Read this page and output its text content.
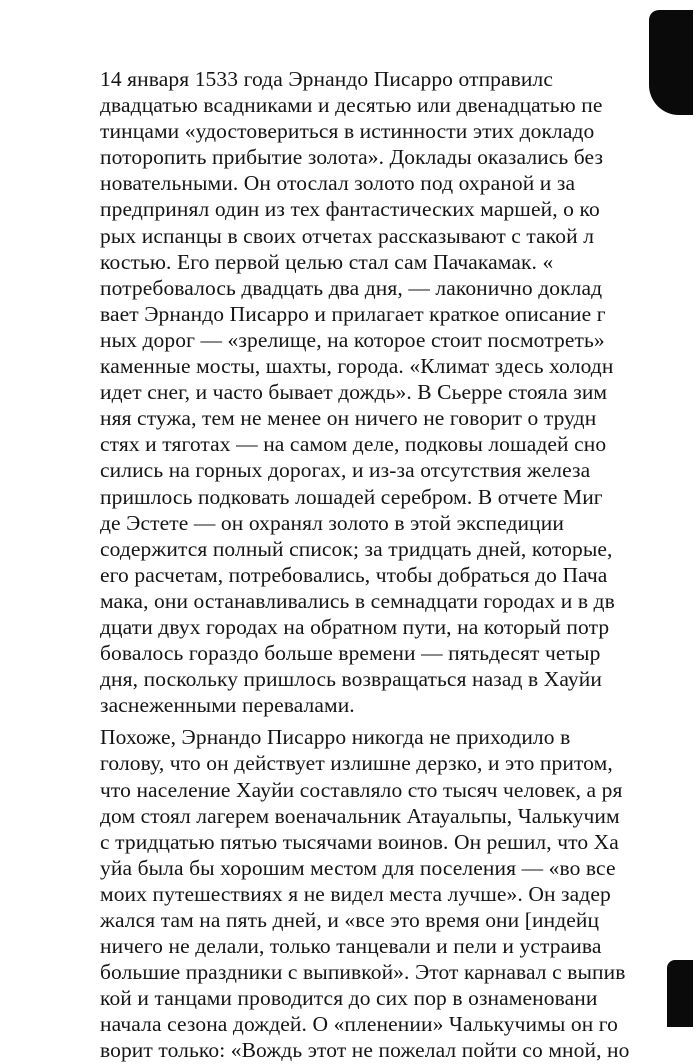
14 января 1533 года Эрнандо Писарро отправилс
двадцатью всадниками и десятью или двенадцатью пе
тинцами «удостовериться в истинности этих докладо
поторопить прибытие золота». Доклады оказались без
новательными. Он отослал золото под охраной и за
предпринял один из тех фантастических маршей, о ко
рых испанцы в своих отчетах рассказывают с такой л
костью. Его первой целью стал сам Пачакамак. «
потребовалось двадцать два дня, — лаконично доклад
вает Эрнандо Писарро и прилагает краткое описание г
ных дорог — «зрелище, на которое стоит посмотреть»
каменные мосты, шахты, города. «Климат здесь холодн
идет снег, и часто бывает дождь». В Сьерре стояла зим
няя стужа, тем не менее он ничего не говорит о трудн
стях и тяготах — на самом деле, подковы лошадей сно
сились на горных дорогах, и из-за отсутствия железа
пришлось подковать лошадей серебром. В отчете Миг
де Эстете — он охранял золото в этой экспедиции
содержится полный список; за тридцать дней, которые,
его расчетам, потребовались, чтобы добраться до Пача
мака, они останавливались в семнадцати городах и в дв
дцати двух городах на обратном пути, на который потр
бовалось гораздо больше времени — пятьдесят четыр
дня, поскольку пришлось возвращаться назад в Хауйи
заснеженными перевалами.
Похоже, Эрнандо Писарро никогда не приходило в
голову, что он действует излишне дерзко, и это притом,
что население Хауйи составляло сто тысяч человек, а ря
дом стоял лагерем военачальник Атауальпы, Чалькучим
с тридцатью пятью тысячами воинов. Он решил, что Ха
уйа была бы хорошим местом для поселения — «во все
моих путешествиях я не видел места лучше». Он задер
жался там на пять дней, и «все это время они [индейц
ничего не делали, только танцевали и пели и устраива
большие праздники с выпивкой». Этот карнавал с выпив
кой и танцами проводится до сих пор в ознаменовани
начала сезона дождей. О «пленении» Чалькучимы он го
ворит только: «Вождь этот не пожелал пойти со мной, но
